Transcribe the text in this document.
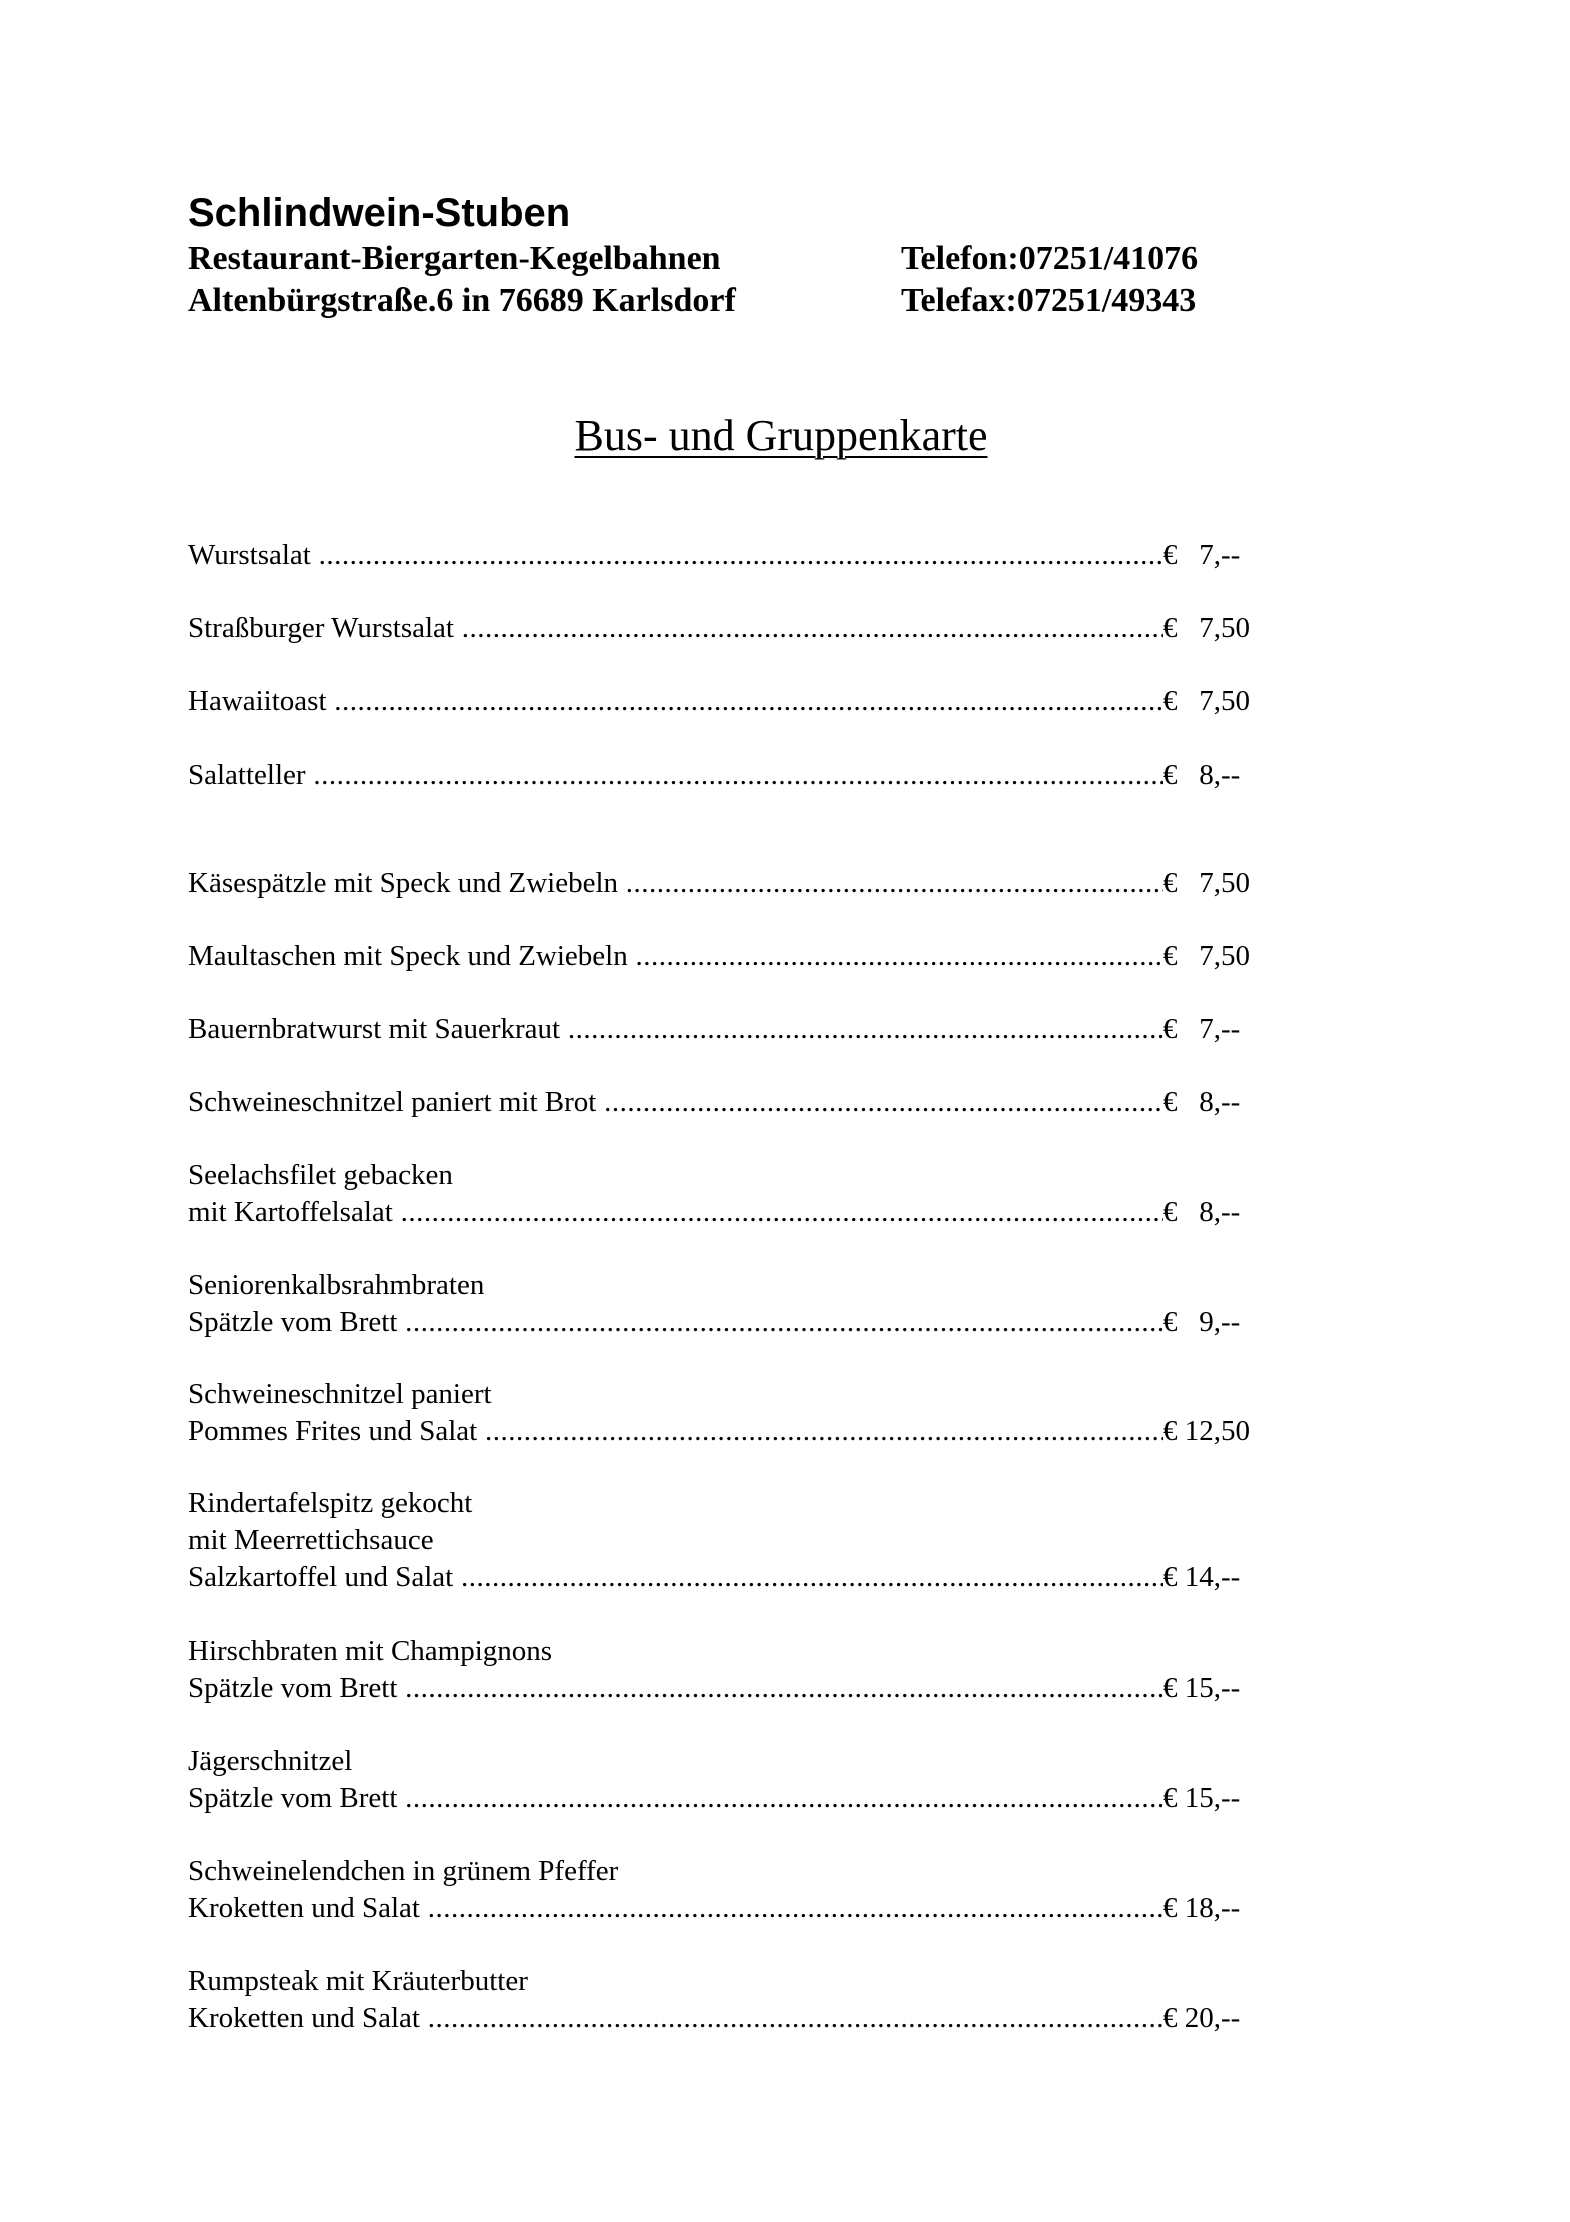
Schlindwein-Stuben
Restaurant-Biergarten-Kegelbahnen	Telefon:07251/41076
Altenbürgstraße.6 in 76689 Karlsdorf	Telefax:07251/49343
Bus- und Gruppenkarte
Wurstsalat .....	€   7,--
Straßburger Wurstsalat .....	€   7,50
Hawaiitoast .....	€   7,50
Salatteller .....	€   8,--
Käsespätzle mit Speck und Zwiebeln .....	€   7,50
Maultaschen mit Speck und Zwiebeln .....	€   7,50
Bauernbratwurst mit Sauerkraut .....	€   7,--
Schweineschnitzel paniert mit Brot .....	€   8,--
Seelachsfilet gebacken
mit Kartoffelsalat .....	€   8,--
Seniorenkalbsrahmbraten
Spätzle vom Brett .....	€   9,--
Schweineschnitzel paniert
Pommes Frites und Salat .....	€ 12,50
Rindertafelspitz gekocht
mit Meerrettichsauce
Salzkartoffel und Salat .....	€ 14,--
Hirschbraten mit Champignons
Spätzle vom Brett .....	€ 15,--
Jägerschnitzel
Spätzle vom Brett .....	€ 15,--
Schweinelendchen in grünem Pfeffer
Kroketten und Salat .....	€ 18,--
Rumpsteak mit Kräuterbutter
Kroketten und Salat .....	€ 20,--
